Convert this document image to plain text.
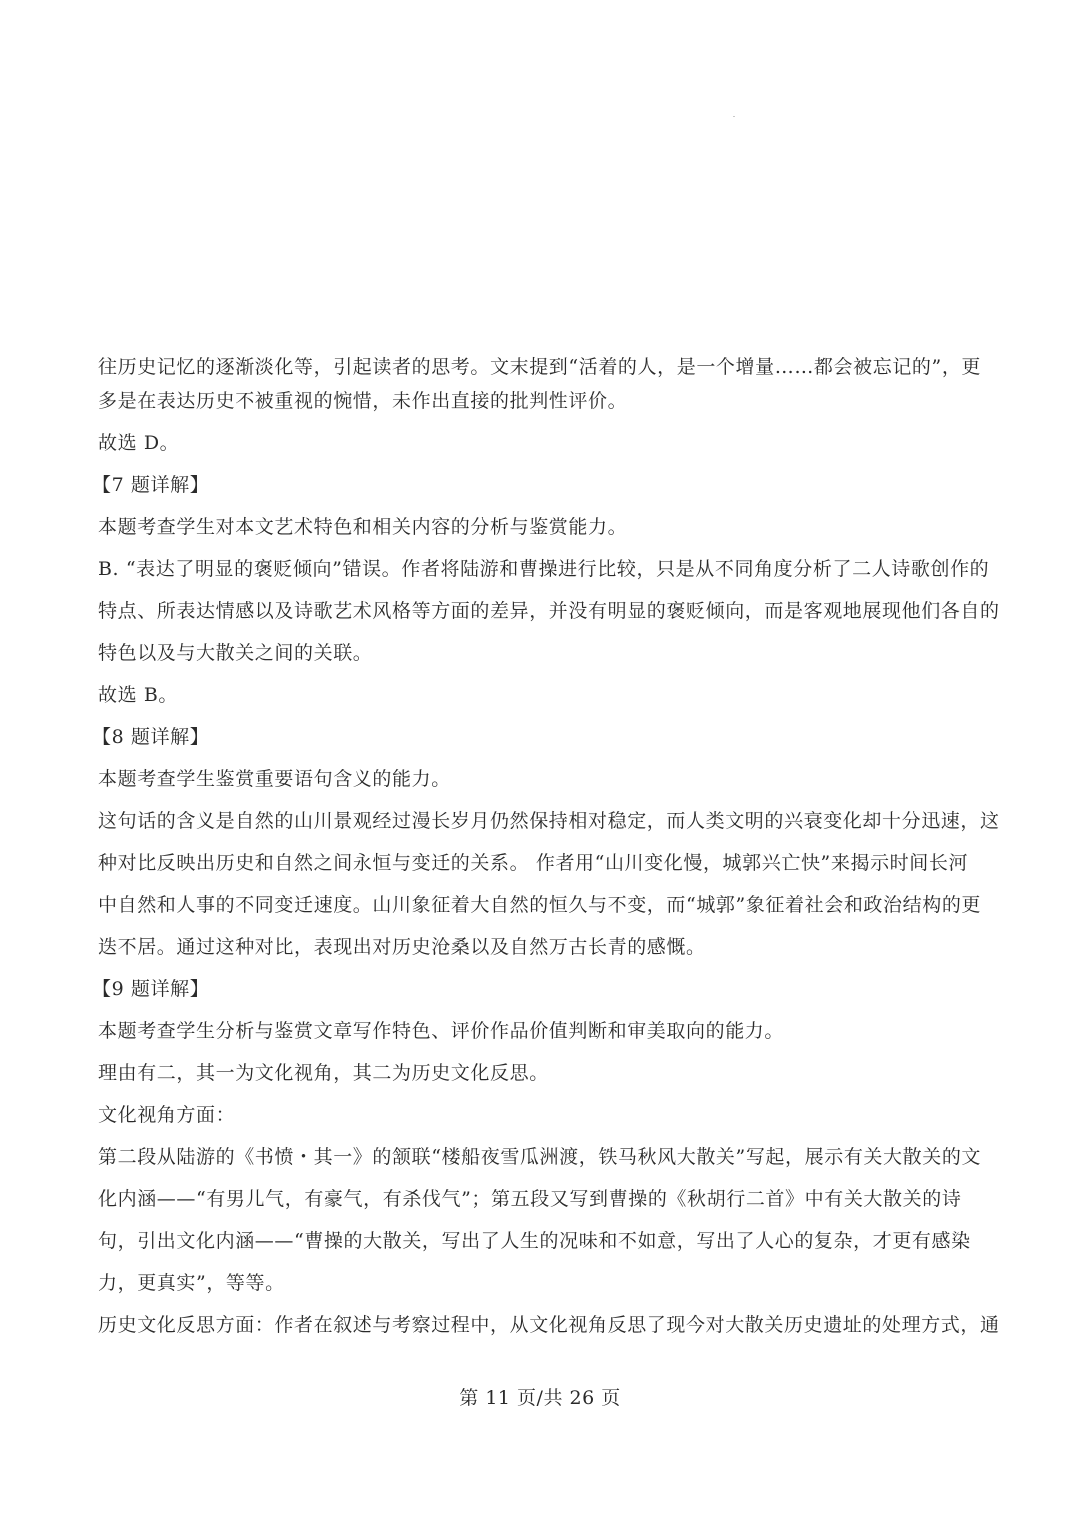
往历史记忆的逐渐淡化等，引起读者的思考。文末提到“活着的人，是一个增量……都会被忘记的”，更
多是在表达历史不被重视的惋惜，未作出直接的批判性评价。
故选 D。
【7 题详解】
本题考查学生对本文艺术特色和相关内容的分析与鉴赏能力。
B. “表达了明显的褒贬倾向”错误。作者将陆游和曹操进行比较，只是从不同角度分析了二人诗歌创作的
特点、所表达情感以及诗歌艺术风格等方面的差异，并没有明显的褒贬倾向，而是客观地展现他们各自的
特色以及与大散关之间的关联。
故选 B。
【8 题详解】
本题考查学生鉴赏重要语句含义的能力。
这句话的含义是自然的山川景观经过漫长岁月仍然保持相对稳定，而人类文明的兴衰变化却十分迅速，这
种对比反映出历史和自然之间永恒与变迁的关系。 作者用“山川变化慢，城郭兴亡快”来揭示时间长河
中自然和人事的不同变迁速度。山川象征着大自然的恒久与不变，而“城郭”象征着社会和政治结构的更
迭不居。通过这种对比，表现出对历史沧桑以及自然万古长青的感慨。
【9 题详解】
本题考查学生分析与鉴赏文章写作特色、评价作品价值判断和审美取向的能力。
理由有二，其一为文化视角，其二为历史文化反思。
文化视角方面：
第二段从陆游的《书愤・其一》的颔联“楼船夜雪瓜洲渡，铁马秋风大散关”写起，展示有关大散关的文
化内涵——“有男儿气，有豪气，有杀伐气”；第五段又写到曹操的《秋胡行二首》中有关大散关的诗
句，引出文化内涵——“曹操的大散关，写出了人生的况味和不如意，写出了人心的复杂，才更有感染
力，更真实”，等等。
历史文化反思方面：作者在叙述与考察过程中，从文化视角反思了现今对大散关历史遗址的处理方式，通
第 11 页/共 26 页
